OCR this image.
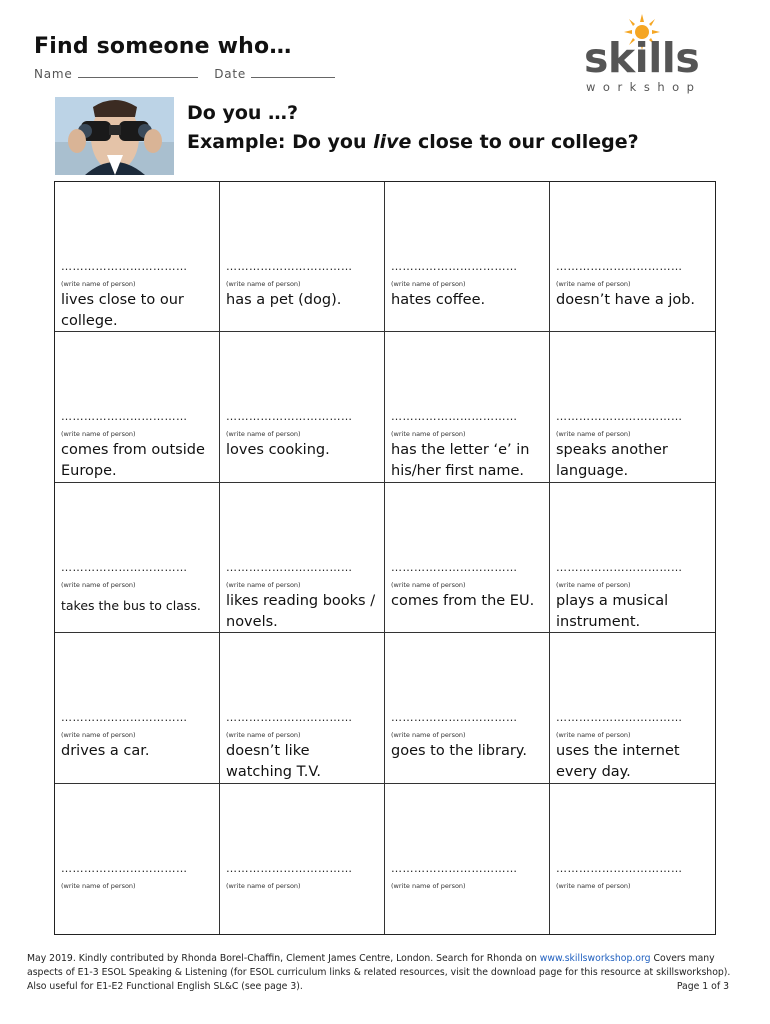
Find someone who…
Name	Date	skills
workshop
Do you …?
Example: Do you live close to our college?
……………………………
(write name of person)
lives close to our college.
……………………………
(write name of person)
has a pet (dog).
……………………………
(write name of person)
hates coffee.
……………………………
(write name of person)
doesn’t have a job.
……………………………
(write name of person)
comes from outside Europe.
……………………………
(write name of person)
loves cooking.
……………………………
(write name of person)
has the letter ‘e’ in his/her first name.
……………………………
(write name of person)
speaks another language.
……………………………
(write name of person)
takes the bus to class.
……………………………
(write name of person)
likes reading books / novels.
……………………………
(write name of person)
comes from the EU.
……………………………
(write name of person)
plays a musical instrument.
……………………………
(write name of person)
drives a car.
……………………………
(write name of person)
doesn’t like watching T.V.
……………………………
(write name of person)
goes to the library.
……………………………
(write name of person)
uses the internet every day.
……………………………
(write name of person)
……………………………
(write name of person)
……………………………
(write name of person)
……………………………
(write name of person)
May 2019. Kindly contributed by Rhonda Borel-Chaffin, Clement James Centre, London. Search for Rhonda on www.skillsworkshop.org Covers many aspects of E1-3 ESOL Speaking & Listening (for ESOL curriculum links & related resources, visit the download page for this resource at skillsworkshop). Also useful for E1-E2 Functional English SL&C (see page 3).	Page 1 of 3
